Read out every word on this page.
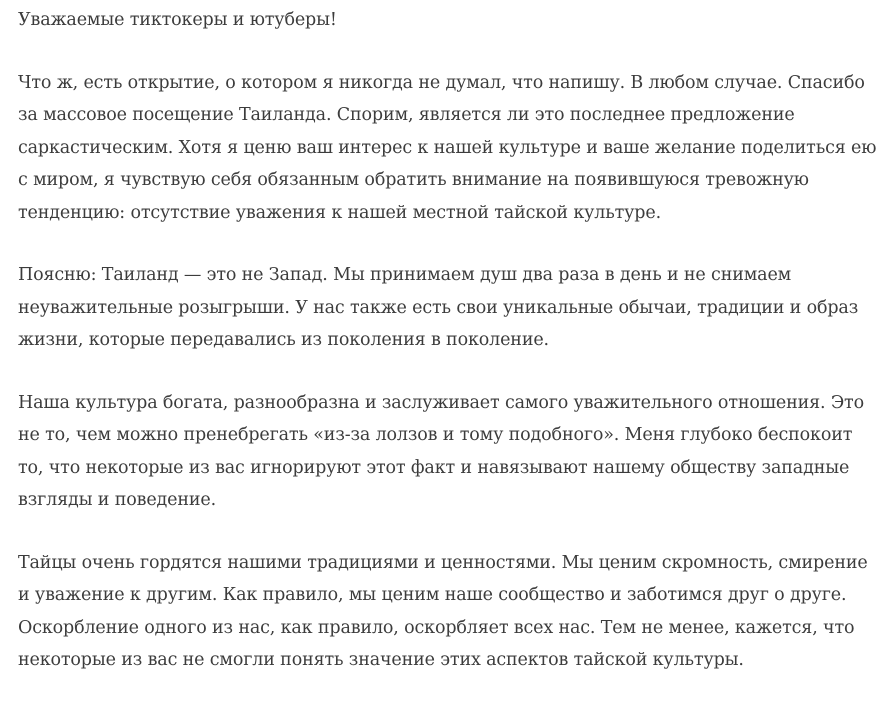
Уважаемые тиктокеры и ютуберы!

Что ж, есть открытие, о котором я никогда не думал, что напишу. В любом случае. Спасибо за массовое посещение Таиланда. Спорим, является ли это последнее предложение саркастическим. Хотя я ценю ваш интерес к нашей культуре и ваше желание поделиться ею с миром, я чувствую себя обязанным обратить внимание на появившуюся тревожную тенденцию: отсутствие уважения к нашей местной тайской культуре.

Поясню: Таиланд — это не Запад. Мы принимаем душ два раза в день и не снимаем неуважительные розыгрыши. У нас также есть свои уникальные обычаи, традиции и образ жизни, которые передавались из поколения в поколение.

Наша культура богата, разнообразна и заслуживает самого уважительного отношения. Это не то, чем можно пренебрегать «из-за лолзов и тому подобного». Меня глубоко беспокоит то, что некоторые из вас игнорируют этот факт и навязывают нашему обществу западные взгляды и поведение.

Тайцы очень гордятся нашими традициями и ценностями. Мы ценим скромность, смирение и уважение к другим. Как правило, мы ценим наше сообщество и заботимся друг о друге. Оскорбление одного из нас, как правило, оскорбляет всех нас. Тем не менее, кажется, что некоторые из вас не смогли понять значение этих аспектов тайской культуры.
